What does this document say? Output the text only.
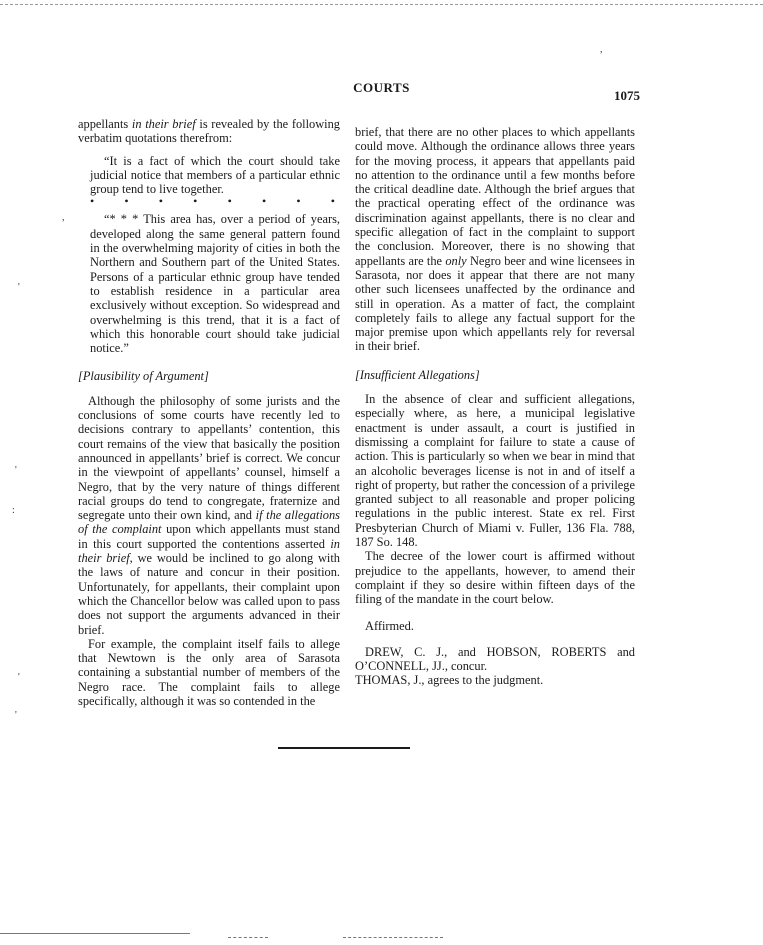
COURTS
1075

appellants in their brief is revealed by the following verbatim quotations therefrom:

“It is a fact of which the court should take judicial notice that members of a particular ethnic group tend to live together.

•	•	•	•	•	•	•	•

“* * * This area has, over a period of years, developed along the same general pattern found in the overwhelming majority of cities in both the Northern and Southern part of the United States. Persons of a particular ethnic group have tended to establish residence in a particular area exclusively without exception. So widespread and overwhelming is this trend, that it is a fact of which this honorable court should take judicial notice.”

[Plausibility of Argument]

Although the philosophy of some jurists and the conclusions of some courts have recently led to decisions contrary to appellants’ contention, this court remains of the view that basically the position announced in appellants’ brief is correct. We concur in the viewpoint of appellants’ counsel, himself a Negro, that by the very nature of things different racial groups do tend to congregate, fraternize and segregate unto their own kind, and if the allegations of the complaint upon which appellants must stand in this court supported the contentions asserted in their brief, we would be inclined to go along with the laws of nature and concur in their position. Unfortunately, for appellants, their complaint upon which the Chancellor below was called upon to pass does not support the arguments advanced in their brief.

For example, the complaint itself fails to allege that Newtown is the only area of Sarasota containing a substantial number of members of the Negro race. The complaint fails to allege specifically, although it was so contended in the

brief, that there are no other places to which appellants could move. Although the ordinance allows three years for the moving process, it appears that appellants paid no attention to the ordinance until a few months before the critical deadline date. Although the brief argues that the practical operating effect of the ordinance was discrimination against appellants, there is no clear and specific allegation of fact in the complaint to support the conclusion. Moreover, there is no showing that appellants are the only Negro beer and wine licensees in Sarasota, nor does it appear that there are not many other such licensees unaffected by the ordinance and still in operation. As a matter of fact, the complaint completely fails to allege any factual support for the major premise upon which appellants rely for reversal in their brief.

[Insufficient Allegations]

In the absence of clear and sufficient allegations, especially where, as here, a municipal legislative enactment is under assault, a court is justified in dismissing a complaint for failure to state a cause of action. This is particularly so when we bear in mind that an alcoholic beverages license is not in and of itself a right of property, but rather the concession of a privilege granted subject to all reasonable and proper policing regulations in the public interest. State ex rel. First Presbyterian Church of Miami v. Fuller, 136 Fla. 788, 187 So. 148.

The decree of the lower court is affirmed without prejudice to the appellants, however, to amend their complaint if they so desire within fifteen days of the filing of the mandate in the court below.

Affirmed.

DREW, C. J., and HOBSON, ROBERTS and O’CONNELL, JJ., concur.

THOMAS, J., agrees to the judgment.

,
,
'
'
:
'
'
